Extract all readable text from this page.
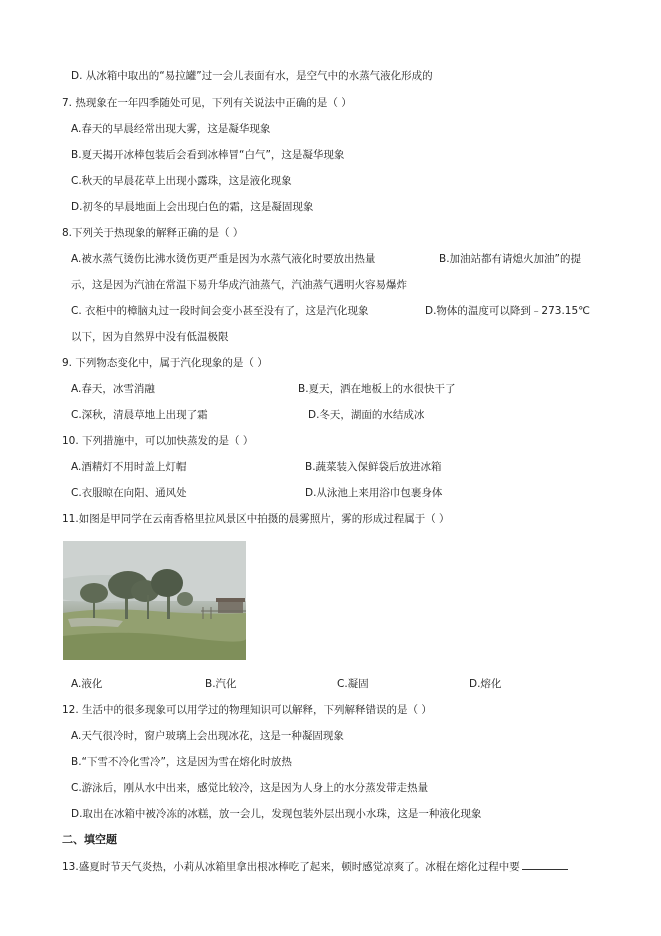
D. 从冰箱中取出的“易拉罐”过一会儿表面有水，是空气中的水蒸气液化形成的
7. 热现象在一年四季随处可见，下列有关说法中正确的是（ ）
A.春天的早晨经常出现大雾，这是凝华现象
B.夏天揭开冰棒包装后会看到冰棒冒“白气”，这是凝华现象
C.秋天的早晨花草上出现小露珠，这是液化现象
D.初冬的早晨地面上会出现白色的霜，这是凝固现象
8.下列关于热现象的解释正确的是（ ）
A.被水蒸气烫伤比沸水烫伤更严重是因为水蒸气液化时要放出热量	B.加油站都有请熄火加油”的提
示，这是因为汽油在常温下易升华成汽油蒸气，汽油蒸气遇明火容易爆炸
C. 衣柜中的樟脑丸过一段时间会变小甚至没有了，这是汽化现象	D.物体的温度可以降到﹣273.15℃
以下，因为自然界中没有低温极限
9. 下列物态变化中，属于汽化现象的是（ ）
A.春天，冰雪消融	B.夏天，洒在地板上的水很快干了
C.深秋，清晨草地上出现了霜	D.冬天，湖面的水结成冰
10. 下列措施中，可以加快蒸发的是（ ）
A.酒精灯不用时盖上灯帽	B.蔬菜装入保鲜袋后放进冰箱
C.衣服晾在向阳、通风处	D.从泳池上来用浴巾包裹身体
11.如图是甲同学在云南香格里拉风景区中拍摄的晨雾照片，雾的形成过程属于（ ）
A.液化	B.汽化	C.凝固	D.熔化
12. 生活中的很多现象可以用学过的物理知识可以解释，下列解释错误的是（ ）
A.天气很冷时，窗户玻璃上会出现冰花，这是一种凝固现象
B.“下雪不冷化雪冷”，这是因为雪在熔化时放热
C.游泳后，刚从水中出来，感觉比较冷，这是因为人身上的水分蒸发带走热量
D.取出在冰箱中被冷冻的冰糕，放一会儿，发现包装外层出现小水珠，这是一种液化现象
二、填空题
13.盛夏时节天气炎热，小莉从冰箱里拿出根冰棒吃了起来，顿时感觉凉爽了。冰棍在熔化过程中要
